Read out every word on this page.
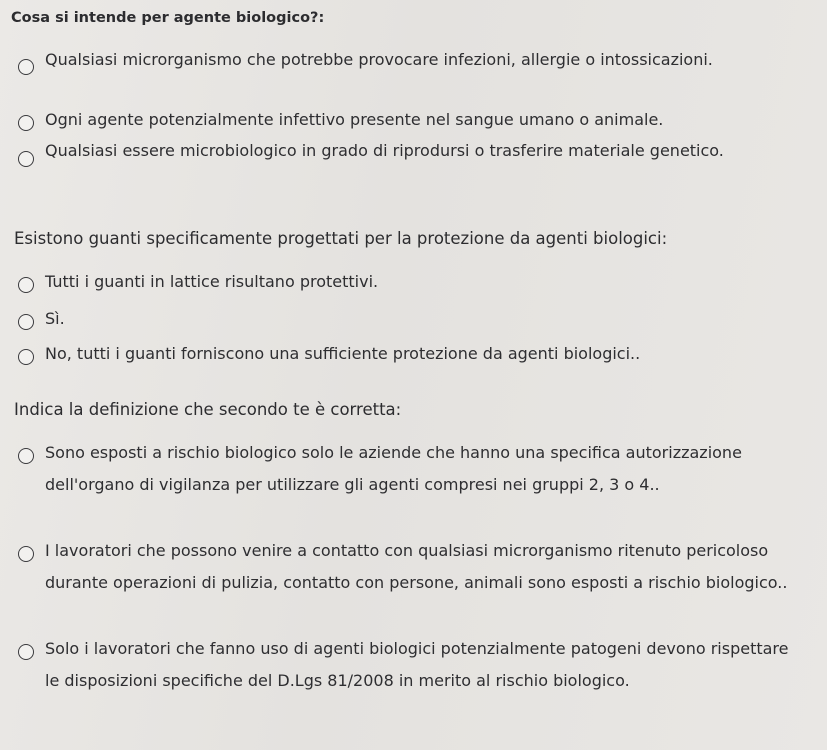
Cosa si intende per agente biologico?:
Qualsiasi microrganismo che potrebbe provocare infezioni, allergie o intossicazioni.
Ogni agente potenzialmente infettivo presente nel sangue umano o animale.
Qualsiasi essere microbiologico in grado di riprodursi o trasferire materiale genetico.
Esistono guanti specificamente progettati per la protezione da agenti biologici:
Tutti i guanti in lattice risultano protettivi.
Sì.
No, tutti i guanti forniscono una sufficiente protezione da agenti biologici..
Indica la definizione che secondo te è corretta:
Sono esposti a rischio biologico solo le aziende che hanno una specifica autorizzazione dell'organo di vigilanza per utilizzare gli agenti compresi nei gruppi 2, 3 o 4..
I lavoratori che possono venire a contatto con qualsiasi microrganismo ritenuto pericoloso durante operazioni di pulizia, contatto con persone, animali sono esposti a rischio biologico..
Solo i lavoratori che fanno uso di agenti biologici potenzialmente patogeni devono rispettare le disposizioni specifiche del D.Lgs 81/2008 in merito al rischio biologico.
